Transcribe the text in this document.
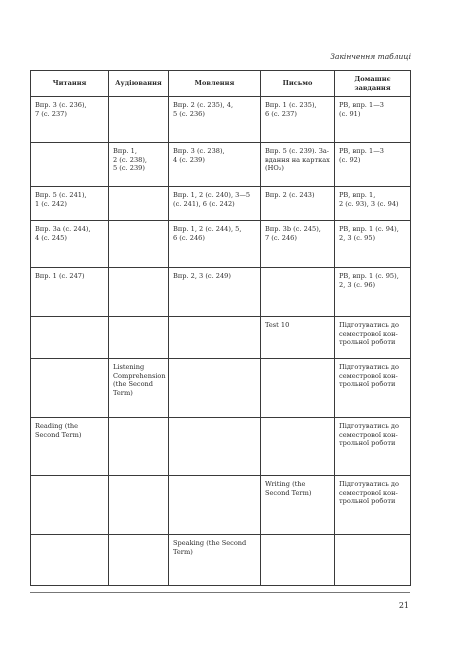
Закінчення таблиці
Читання	Аудіювання	Мовлення	Письмо	Домашнє завдання
Впр. 3 (с. 236),
7 (с. 237)		Впр. 2 (с. 235), 4,
5 (с. 236)	Впр. 1 (с. 235),
6 (с. 237)	РВ, впр. 1—3
(с. 91)
	Впр. 1,
2 (с. 238),
5 (с. 239)	Впр. 3 (с. 238),
4 (с. 239)	Впр. 5 (с. 239). За-
вдання на картках
(НО₂)	РВ, впр. 1—3
(с. 92)
Впр. 5 (с. 241),
1 (с. 242)		Впр. 1, 2 (с. 240), 3—5
(с. 241), 6 (с. 242)	Впр. 2 (с. 243)	РВ, впр. 1,
2 (с. 93), 3 (с. 94)
Впр. 3а (с. 244),
4 (с. 245)		Впр. 1, 2 (с. 244), 5,
6 (с. 246)	Впр. 3b (с. 245),
7 (с. 246)	РВ, впр. 1 (с. 94),
2, 3 (с. 95)
Впр. 1 (с. 247)		Впр. 2, 3 (с. 249)		РВ, впр. 1 (с. 95),
2, 3 (с. 96)
			Test 10	Підготуватись до
семестрової кон-
трольної роботи
	Listening
Comprehension
(the Second
Term)			Підготуватись до
семестрової кон-
трольної роботи
Reading (the
Second Term)				Підготуватись до
семестрової кон-
трольної роботи
			Writing (the
Second Term)	Підготуватись до
семестрової кон-
трольної роботи
		Speaking (the Second
Term)		
21
